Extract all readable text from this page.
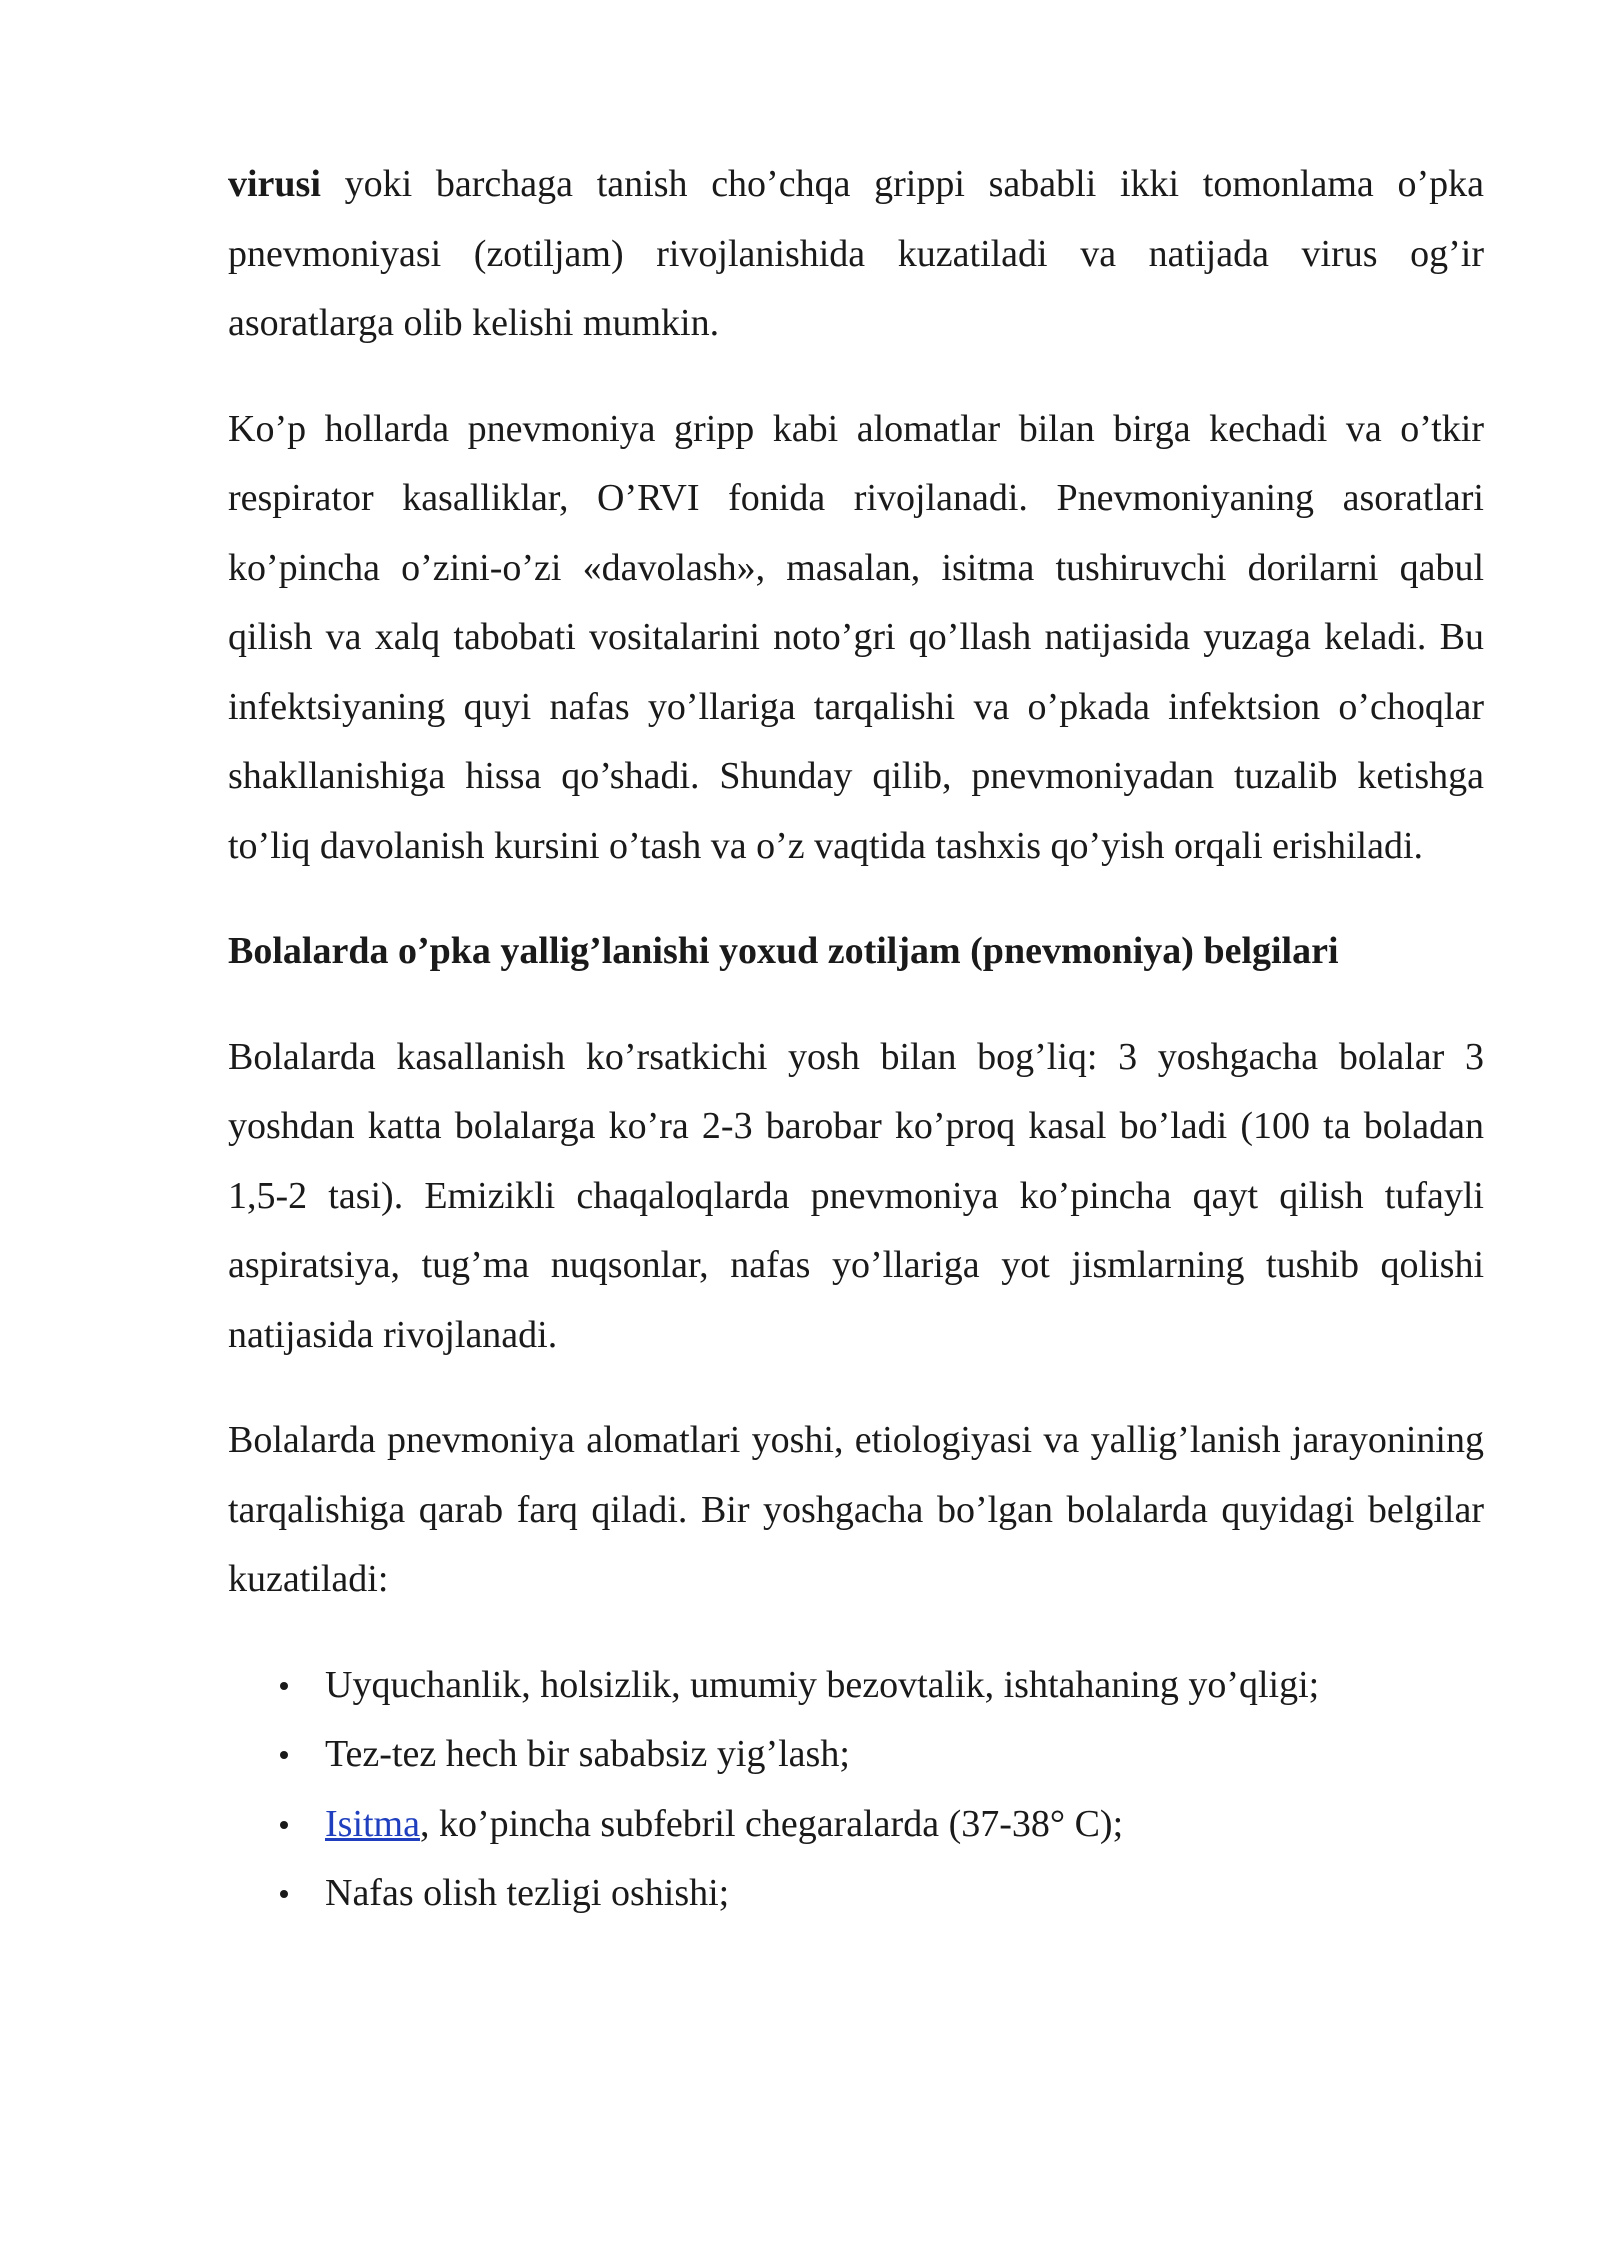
virusi yoki barchaga tanish cho’chqa grippi sababli ikki tomonlama o’pka pnevmoniyasi (zotiljam) rivojlanishida kuzatiladi va natijada virus og’ir asoratlarga olib kelishi mumkin.

Ko’p hollarda pnevmoniya gripp kabi alomatlar bilan birga kechadi va o’tkir respirator kasalliklar, O’RVI fonida rivojlanadi. Pnevmoniyaning asoratlari ko’pincha o’zini-o’zi «davolash», masalan, isitma tushiruvchi dorilarni qabul qilish va xalq tabobati vositalarini noto’gri qo’llash natijasida yuzaga keladi. Bu infektsiyaning quyi nafas yo’llariga tarqalishi va o’pkada infektsion o’choqlar shakllanishiga hissa qo’shadi. Shunday qilib, pnevmoniyadan tuzalib ketishga to’liq davolanish kursini o’tash va o’z vaqtida tashxis qo’yish orqali erishiladi.

Bolalarda o’pka yallig’lanishi yoxud zotiljam (pnevmoniya) belgilari

Bolalarda kasallanish ko’rsatkichi yosh bilan bog’liq: 3 yoshgacha bolalar 3 yoshdan katta bolalarga ko’ra 2-3 barobar ko’proq kasal bo’ladi (100 ta boladan 1,5-2 tasi). Emizikli chaqaloqlarda pnevmoniya ko’pincha qayt qilish tufayli aspiratsiya, tug’ma nuqsonlar, nafas yo’llariga yot jismlarning tushib qolishi natijasida rivojlanadi.

Bolalarda pnevmoniya alomatlari yoshi, etiologiyasi va yallig’lanish jarayonining tarqalishiga qarab farq qiladi. Bir yoshgacha bo’lgan bolalarda quyidagi belgilar kuzatiladi:

Uyquchanlik, holsizlik, umumiy bezovtalik, ishtahaning yo’qligi;
Tez-tez hech bir sababsiz yig’lash;
Isitma, ko’pincha subfebril chegaralarda (37-38° C);
Nafas olish tezligi oshishi;
